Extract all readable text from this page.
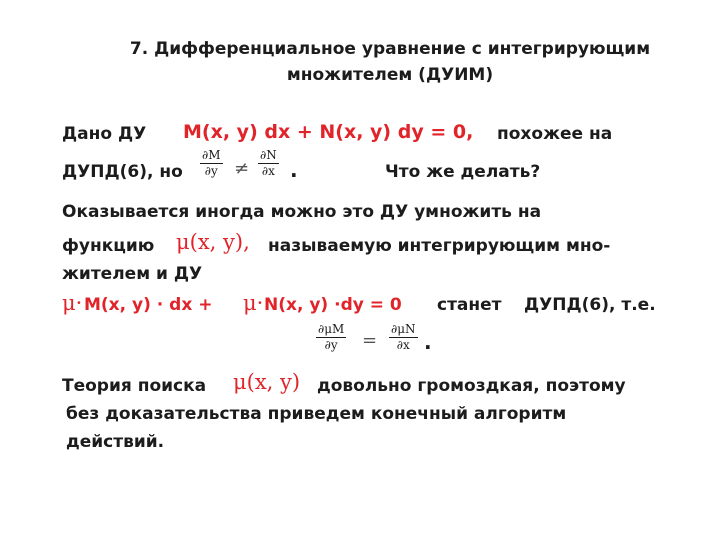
7. Дифференциальное уравнение с интегрирующим
множителем (ДУИМ)
Дано ДУ M(x, y) dx + N(x, y) dy = 0, похожее на
ДУПД(6), но
∂M
∂y ≠
∂N
∂x .	Что же делать?
Оказывается иногда можно это ДУ умножить на
функцию μ(x, y), называемую интегрирующим мно-
жителем и ДУ
μ· M(x, y) · dx + μ· N(x, y) ·dy = 0 станет ДУПД(6), т.е.
∂μM
∂y =
∂μN
∂x .
Теория поиска μ(x, y) довольно громоздкая, поэтому
без доказательства приведем конечный алгоритм
действий.
